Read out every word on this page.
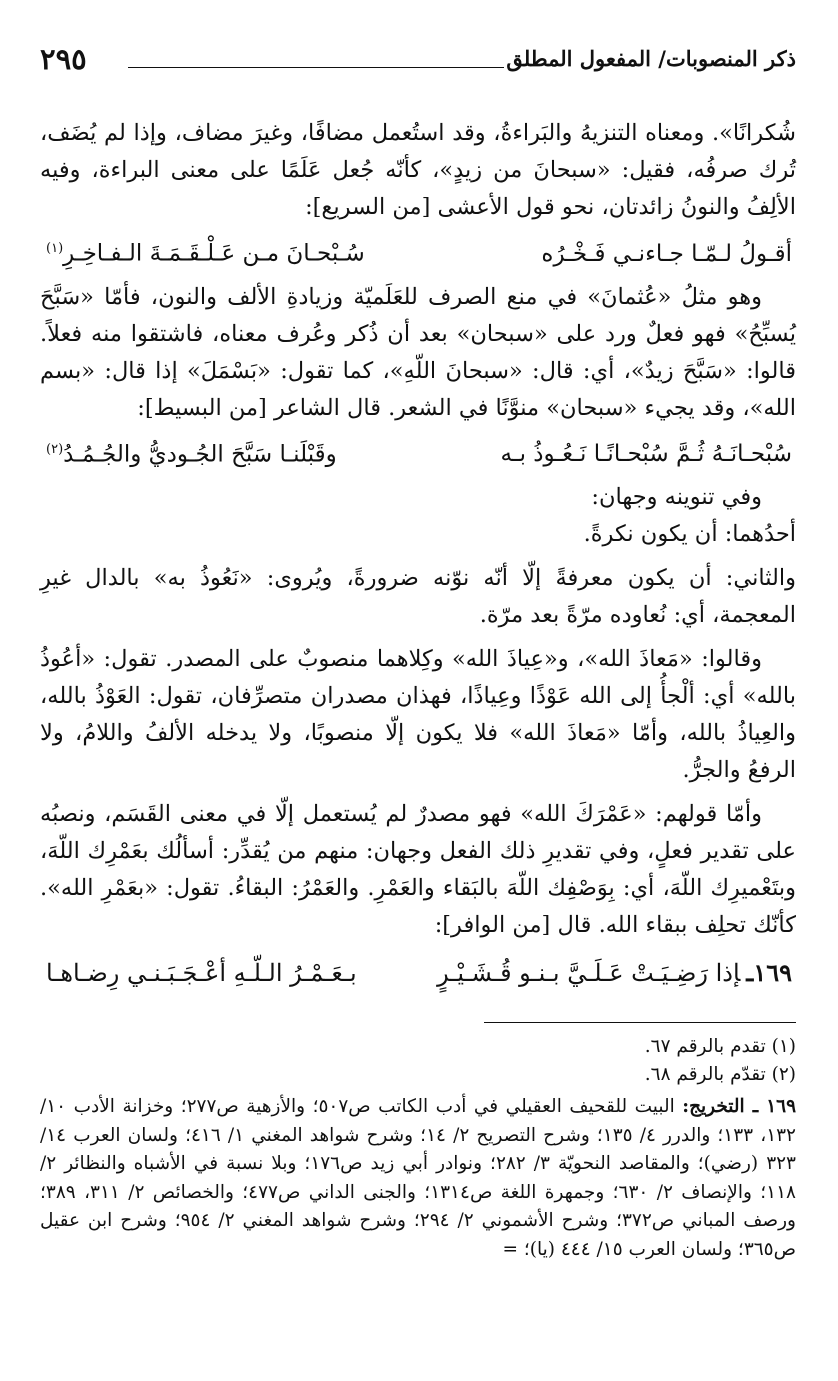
ذكر المنصوبات/ المفعول المطلق
٢٩٥

شُكرانًا». ومعناه التنزيهُ والبَراءةُ، وقد استُعمل مضافًا، وغيرَ مضاف، وإذا لم يُضَف، تُرك صرفُه، فقيل: «سبحانَ من زيدٍ»، كأنّه جُعل عَلَمًا على معنى البراءة، وفيه الألِفُ والنونُ زائدتان، نحو قول الأعشى [من السريع]:

أقـولُ لـمّـا جـاءنـي فَـخْـرُه
سُـبْحـانَ مـن عَـلْـقَـمَـةَ الـفـاخِـرِ$^{(١)}$

وهو مثلُ «عُثمانَ» في منع الصرف للعَلَميّة وزيادةِ الألف والنون، فأمّا «سَبَّحَ يُسبِّحُ» فهو فعلٌ ورد على «سبحان» بعد أن ذُكر وعُرف معناه، فاشتقوا منه فعلاً. قالوا: «سَبَّحَ زيدٌ»، أي: قال: «سبحانَ اللّهِ»، كما تقول: «بَسْمَلَ» إذا قال: «بسم الله»، وقد يجيء «سبحان» منوَّنًا في الشعر. قال الشاعر [من البسيط]:

سُبْحـانَـهُ ثُـمَّ سُبْحـانًـا نَـعُـوذُ بـه
وقَبْلَنـا سَبَّحَ الجُـوديُّ والجُـمُـدُ$^{(٢)}$

وفي تنوينه وجهان:

أحدُهما: أن يكون نكرةً.

والثاني: أن يكون معرفةً إلّا أنّه نوّنه ضرورةً، ويُروى: «نَعُوذُ به» بالدال غيرِ المعجمة، أي: نُعاوده مرّةً بعد مرّة.

وقالوا: «مَعاذَ الله»، و«عِياذَ الله» وكِلاهما منصوبٌ على المصدر. تقول: «أعُوذُ بالله» أي: ألْجأُ إلى الله عَوْذًا وعِياذًا، فهذان مصدران متصرِّفان، تقول: العَوْذُ بالله، والعِياذُ بالله، وأمّا «مَعاذَ الله» فلا يكون إلّا منصوبًا، ولا يدخله الألفُ واللامُ، ولا الرفعُ والجرُّ.

وأمّا قولهم: «عَمْرَكَ الله» فهو مصدرٌ لم يُستعمل إلّا في معنى القَسَم، ونصبُه على تقدير فعلٍ، وفي تقديرِ ذلك الفعل وجهان: منهم من يُقدِّر: أسألُك بعَمْرِك اللّهَ، وبتَعْميرِك اللّهَ، أي: بِوَصْفِك اللّهَ بالبَقاء والعَمْرِ. والعَمْرُ: البقاءُ. تقول: «بعَمْرِ الله». كأنّك تحلِف ببقاء الله. قال [من الوافر]:

١٦٩ـإذا رَضِـيَـتْ عَـلَـيَّ بـنـو قُـشَـيْـرٍ
بـعَـمْـرُ الـلّـهِ أعْـجَـبَـنـي رِضـاهـا

(١) تقدم بالرقم ٦٧.

(٢) تقدّم بالرقم ٦٨.

١٦٩ ـ التخريج: البيت للقحيف العقيلي في أدب الكاتب ص٥٠٧؛ والأزهية ص٢٧٧؛ وخزانة الأدب ١٠/ ١٣٢، ١٣٣؛ والدرر ٤/ ١٣٥؛ وشرح التصريح ٢/ ١٤؛ وشرح شواهد المغني ١/ ٤١٦؛ ولسان العرب ١٤/ ٣٢٣ (رضي)؛ والمقاصد النحويّة ٣/ ٢٨٢؛ ونوادر أبي زيد ص١٧٦؛ وبلا نسبة في الأشباه والنظائر ٢/ ١١٨؛ والإنصاف ٢/ ٦٣٠؛ وجمهرة اللغة ص١٣١٤؛ والجنى الداني ص٤٧٧؛ والخصائص ٢/ ٣١١، ٣٨٩؛ ورصف المباني ص٣٧٢؛ وشرح الأشموني ٢/ ٢٩٤؛ وشرح شواهد المغني ٢/ ٩٥٤؛ وشرح ابن عقيل ص٣٦٥؛ ولسان العرب ١٥/ ٤٤٤ (يا)؛ =
